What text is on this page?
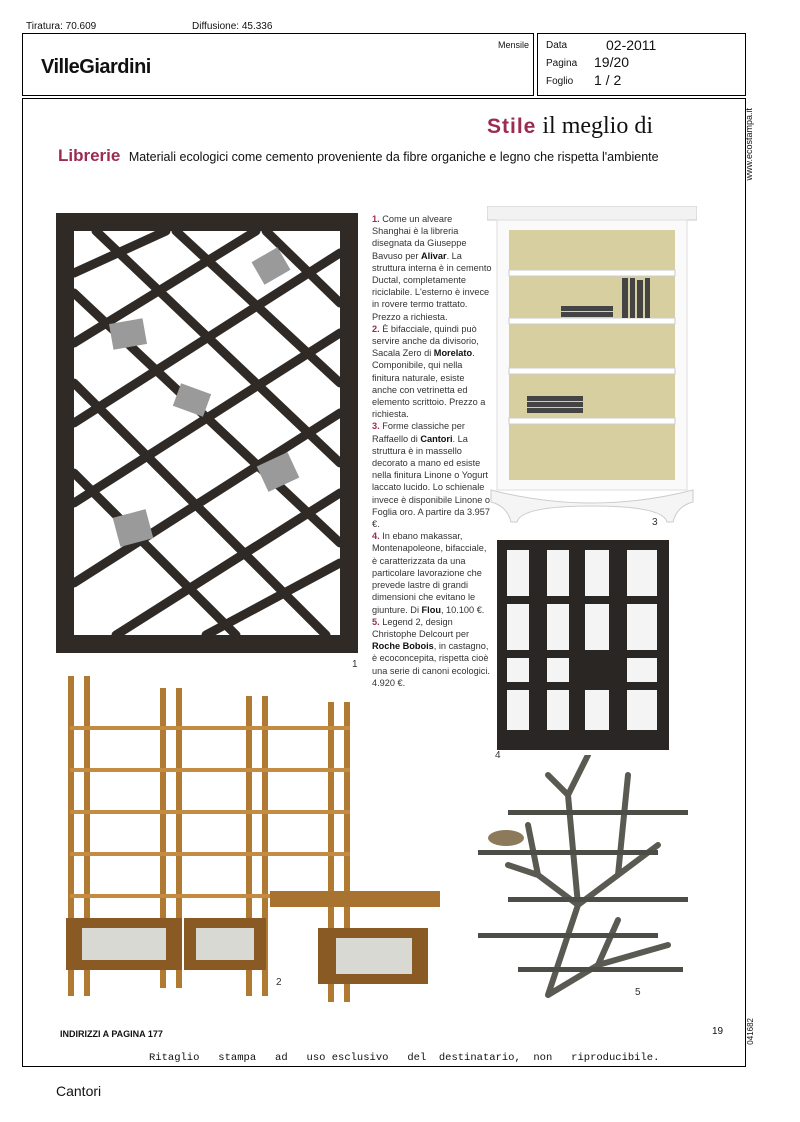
Tiratura: 70.609	Diffusione: 45.336
VilleGiardini
Mensile Data	02-2011
Pagina 19/20
Foglio 1 / 2
www.ecostampa.it
041682
Stile il meglio di
Librerie Materiali ecologici come cemento proveniente da fibre organiche e legno che rispetta l'ambiente
1
2

1. Come un alveare Shanghai è la libreria disegnata da Giuseppe Bavuso per Alivar. La struttura interna è in cemento Ductal, completamente riciclabile. L'esterno è invece in rovere termo trattato. Prezzo a richiesta.

2. È bifacciale, quindi può servire anche da divisorio, Sacala Zero di Morelato. Componibile, qui nella finitura naturale, esiste anche con vetrinetta ed elemento scrittoio. Prezzo a richiesta.

3. Forme classiche per Raffaello di Cantori. La struttura è in massello decorato a mano ed esiste nella finitura Linone o Yogurt laccato lucido. Lo schienale invece è disponibile Linone o Foglia oro. A partire da 3.957 €.

4. In ebano makassar, Montenapoleone, bifacciale, è caratterizzata da una particolare lavorazione che prevede lastre di grandi dimensioni che evitano le giunture. Di Flou, 10.100 €.

5. Legend 2, design Christophe Delcourt per Roche Bobois, in castagno, è ecoconcepita, rispetta cioè una serie di canoni ecologici. 4.920 €.

3
4
5
INDIRIZZI A PAGINA 177	19
Ritaglio   stampa   ad   uso esclusivo   del  destinatario,  non   riproducibile.
Cantori
